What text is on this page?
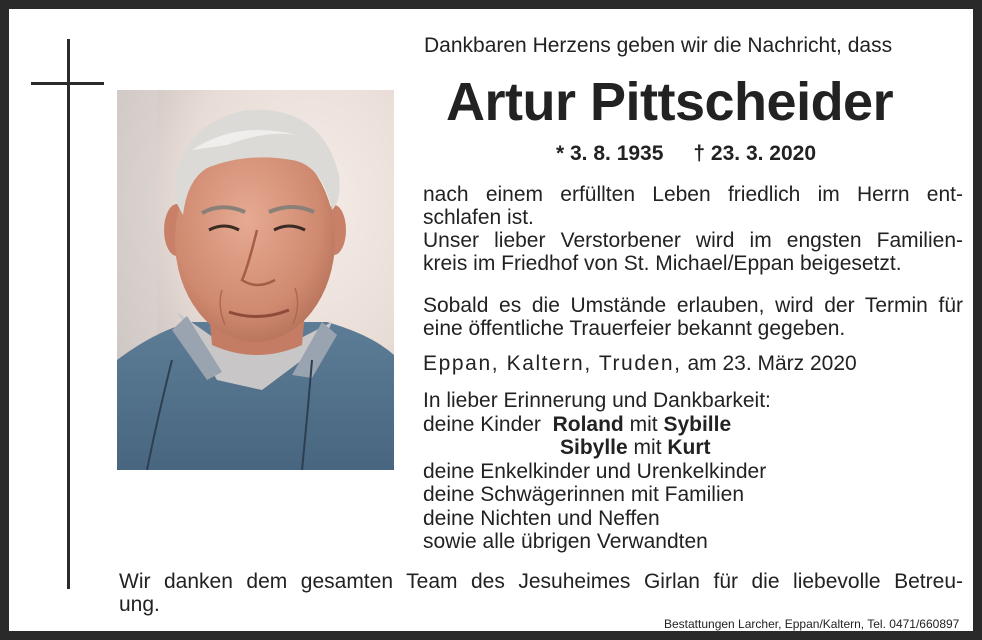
Dankbaren Herzens geben wir die Nachricht, dass
Artur Pittscheider
* 3. 8. 1935 † 23. 3. 2020
nach einem erfüllten Leben friedlich im Herrn ent-
schlafen ist.
Unser lieber Verstorbener wird im engsten Familien-
kreis im Friedhof von St. Michael/Eppan beigesetzt.
Sobald es die Umstände erlauben, wird der Termin für
eine öffentliche Trauerfeier bekannt gegeben.
Eppan, Kaltern, Truden, am 23. März 2020
In lieber Erinnerung und Dankbarkeit:
deine Kinder Roland mit Sybille
Sibylle mit Kurt
deine Enkelkinder und Urenkelkinder
deine Schwägerinnen mit Familien
deine Nichten und Neffen
sowie alle übrigen Verwandten
Wir danken dem gesamten Team des Jesuheimes Girlan für die liebevolle Betreu-
ung.
Bestattungen Larcher, Eppan/Kaltern, Tel. 0471/660897
